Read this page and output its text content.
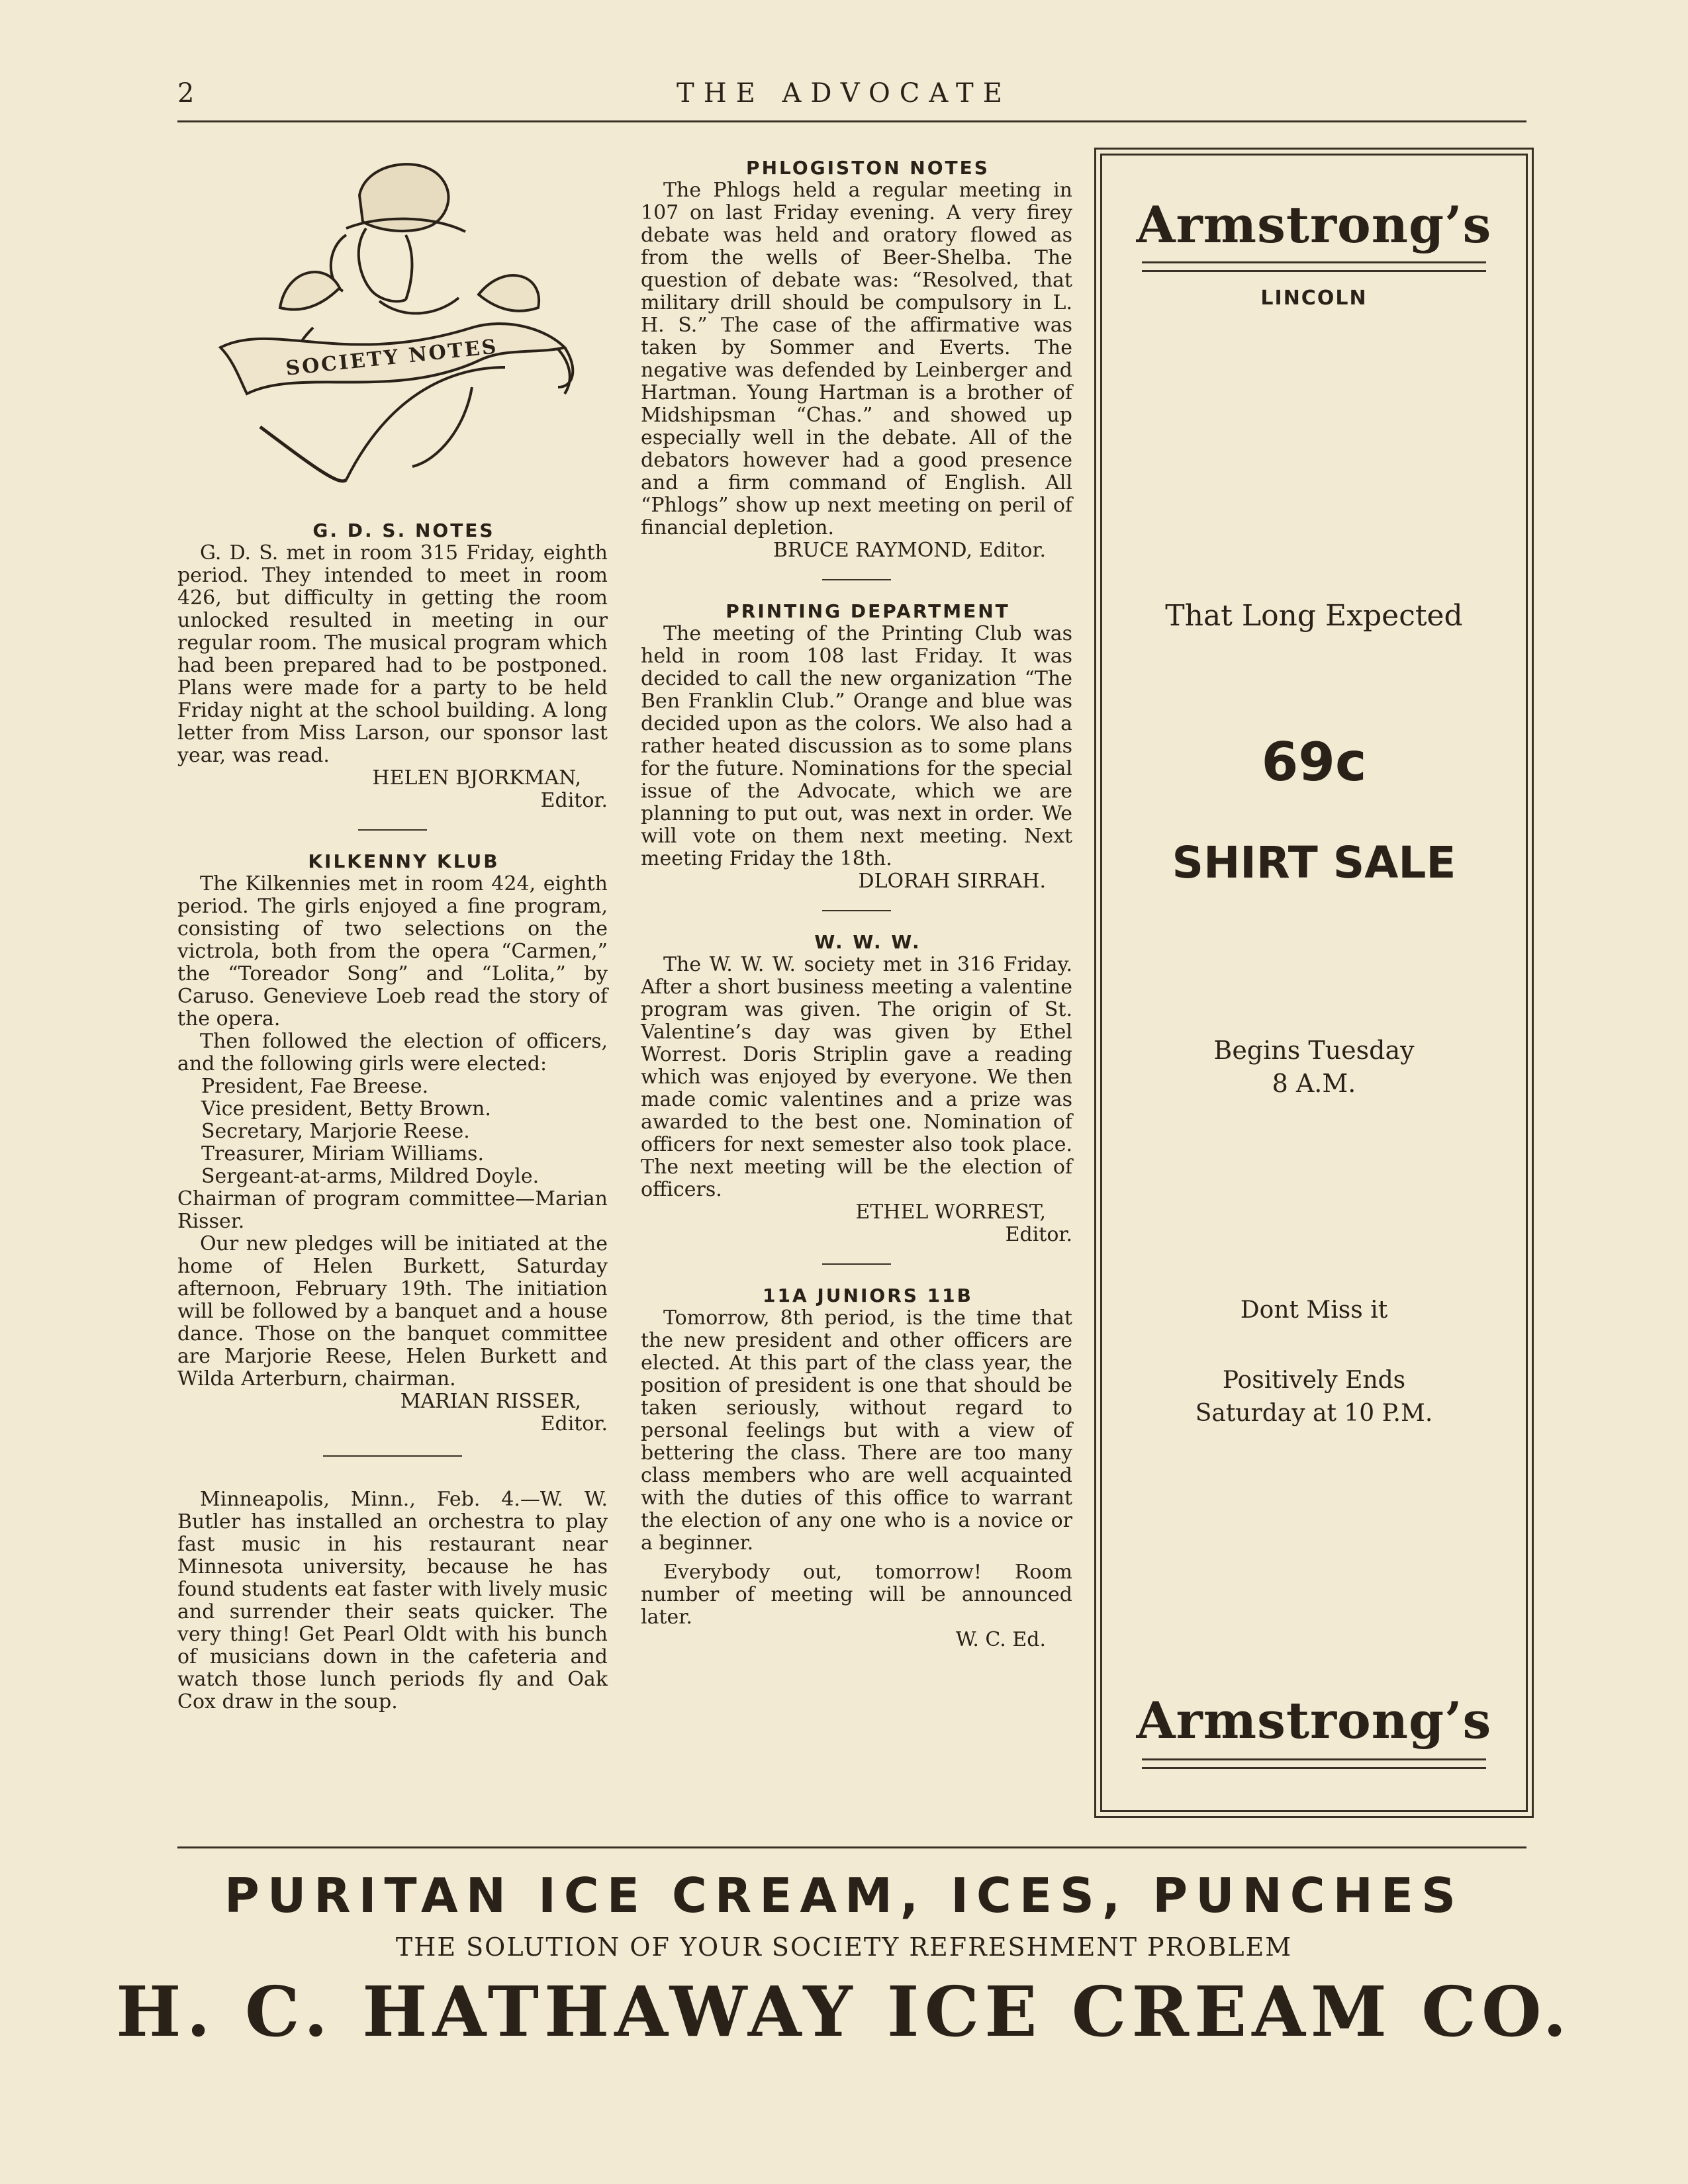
2	THE ADVOCATE
SOCIETY NOTES

G. D. S. NOTES

G. D. S. met in room 315 Friday, eighth period. They intended to meet in room 426, but difficulty in getting the room unlocked resulted in meeting in our regular room. The musical program which had been prepared had to be postponed. Plans were made for a party to be held Friday night at the school building. A long letter from Miss Larson, our sponsor last year, was read.

HELEN BJORKMAN,

Editor.

KILKENNY KLUB

The Kilkennies met in room 424, eighth period. The girls enjoyed a fine program, consisting of two selections on the victrola, both from the opera “Carmen,” the “Toreador Song” and “Lolita,” by Caruso. Genevieve Loeb read the story of the opera.

Then followed the election of officers, and the following girls were elected:

President, Fae Breese.

Vice president, Betty Brown.

Secretary, Marjorie Reese.

Treasurer, Miriam Williams.

Sergeant-at-arms, Mildred Doyle.

Chairman of program committee—Marian Risser.

Our new pledges will be initiated at the home of Helen Burkett, Saturday afternoon, February 19th. The initiation will be followed by a banquet and a house dance. Those on the banquet committee are Marjorie Reese, Helen Burkett and Wilda Arterburn, chairman.

MARIAN RISSER,

Editor.

Minneapolis, Minn., Feb. 4.—W. W. Butler has installed an orchestra to play fast music in his restaurant near Minnesota university, because he has found students eat faster with lively music and surrender their seats quicker. The very thing! Get Pearl Oldt with his bunch of musicians down in the cafeteria and watch those lunch periods fly and Oak Cox draw in the soup.

PHLOGISTON NOTES

The Phlogs held a regular meeting in 107 on last Friday evening. A very firey debate was held and oratory flowed as from the wells of Beer-Shelba. The question of debate was: “Resolved, that military drill should be compulsory in L. H. S.” The case of the affirmative was taken by Sommer and Everts. The negative was defended by Leinberger and Hartman. Young Hartman is a brother of Midshipsman “Chas.” and showed up especially well in the debate. All of the debators however had a good presence and a firm command of English. All “Phlogs” show up next meeting on peril of financial depletion.

BRUCE RAYMOND, Editor.

PRINTING DEPARTMENT

The meeting of the Printing Club was held in room 108 last Friday. It was decided to call the new organization “The Ben Franklin Club.” Orange and blue was decided upon as the colors. We also had a rather heated discussion as to some plans for the future. Nominations for the special issue of the Advocate, which we are planning to put out, was next in order. We will vote on them next meeting. Next meeting Friday the 18th.

DLORAH SIRRAH.

W. W. W.

The W. W. W. society met in 316 Friday. After a short business meeting a valentine program was given. The origin of St. Valentine’s day was given by Ethel Worrest. Doris Striplin gave a reading which was enjoyed by everyone. We then made comic valentines and a prize was awarded to the best one. Nomination of officers for next semester also took place. The next meeting will be the election of officers.

ETHEL WORREST,

Editor.

11A JUNIORS 11B

Tomorrow, 8th period, is the time that the new president and other officers are elected. At this part of the class year, the position of president is one that should be taken seriously, without regard to personal feelings but with a view of bettering the class. There are too many class members who are well acquainted with the duties of this office to warrant the election of any one who is a novice or a beginner.

Everybody out, tomorrow! Room number of meeting will be announced later.

W. C. Ed.

Armstrong’s
LINCOLN
That Long Expected
69c
SHIRT SALE
Begins Tuesday
8 A.M.
Dont Miss it
Positively Ends
Saturday at 10 P.M.
Armstrong’s
PURITAN ICE CREAM, ICES, PUNCHES
THE SOLUTION OF YOUR SOCIETY REFRESHMENT PROBLEM
H. C. HATHAWAY ICE CREAM CO.
